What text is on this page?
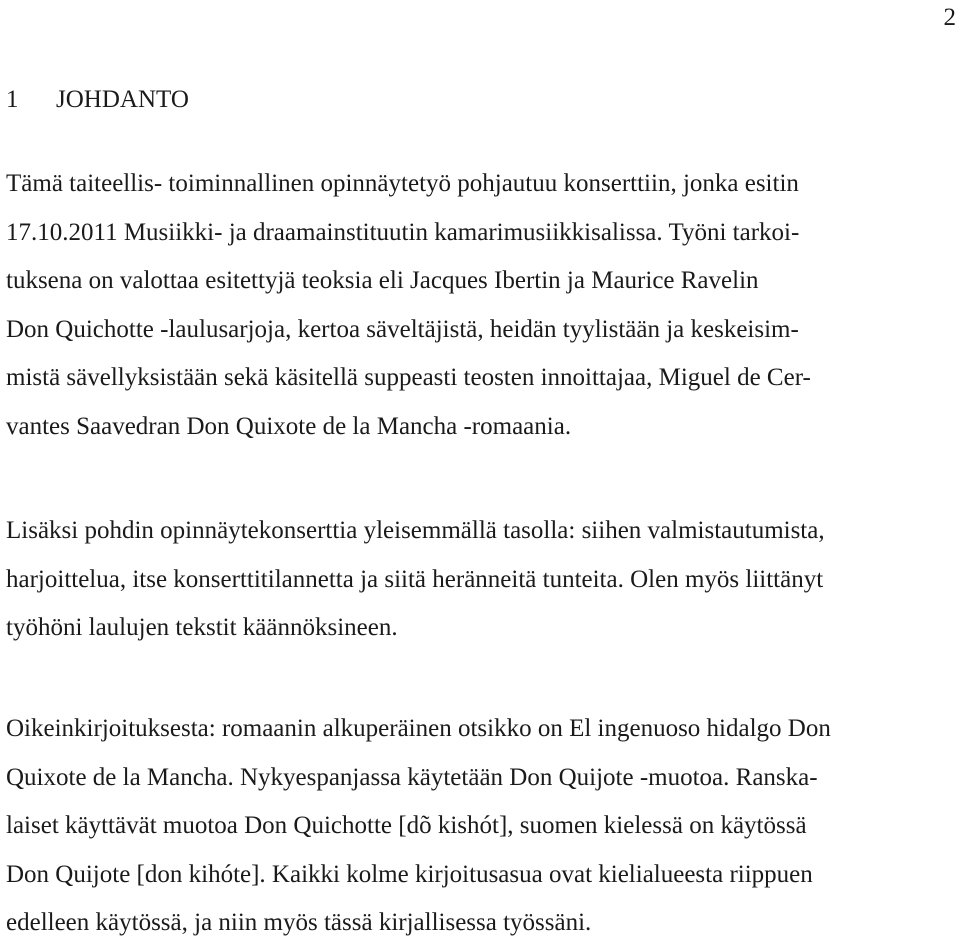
2
1 JOHDANTO

Tämä taiteellis- toiminnallinen opinnäytetyö pohjautuu konserttiin, jonka esitin
17.10.2011 Musiikki- ja draamainstituutin kamarimusiikkisalissa. Työni tarkoi-
tuksena on valottaa esitettyjä teoksia eli Jacques Ibertin ja Maurice Ravelin
Don Quichotte -laulusarjoja, kertoa säveltäjistä, heidän tyylistään ja keskeisim-
mistä sävellyksistään sekä käsitellä suppeasti teosten innoittajaa, Miguel de Cer-
vantes Saavedran Don Quixote de la Mancha -romaania.

Lisäksi pohdin opinnäytekonserttia yleisemmällä tasolla: siihen valmistautumista,
harjoittelua, itse konserttitilannetta ja siitä heränneitä tunteita. Olen myös liittänyt
työhöni laulujen tekstit käännöksineen.

Oikeinkirjoituksesta: romaanin alkuperäinen otsikko on El ingenuoso hidalgo Don
Quixote de la Mancha. Nykyespanjassa käytetään Don Quijote -muotoa. Ranska-
laiset käyttävät muotoa Don Quichotte [dõ kishót], suomen kielessä on käytössä
Don Quijote [don kihóte]. Kaikki kolme kirjoitusasua ovat kielialueesta riippuen
edelleen käytössä, ja niin myös tässä kirjallisessa työssäni.
